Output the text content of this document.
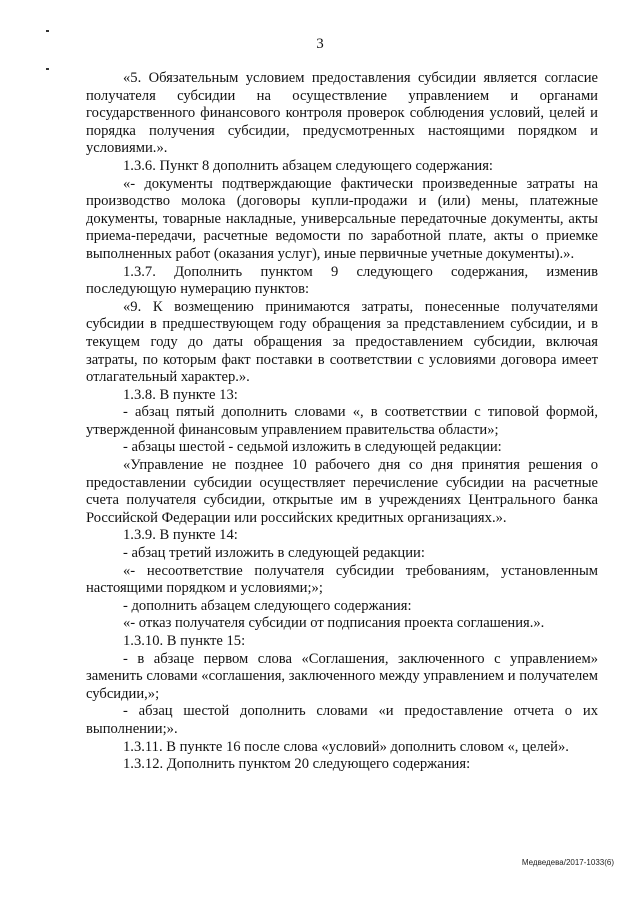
3

«5. Обязательным условием предоставления субсидии является согласие получателя субсидии на осуществление управлением и органами государственного финансового контроля проверок соблюдения условий, целей и порядка получения субсидии, предусмотренных настоящими порядком и условиями.».

1.3.6. Пункт 8 дополнить абзацем следующего содержания:

«- документы подтверждающие фактически произведенные затраты на производство молока (договоры купли-продажи и (или) мены, платежные документы, товарные накладные, универсальные передаточные документы, акты приема-передачи, расчетные ведомости по заработной плате, акты о приемке выполненных работ (оказания услуг), иные первичные учетные документы).».

1.3.7. Дополнить пунктом 9 следующего содержания, изменив последующую нумерацию пунктов:

«9. К возмещению принимаются затраты, понесенные получателями субсидии в предшествующем году обращения за представлением субсидии, и в текущем году до даты обращения за предоставлением субсидии, включая затраты, по которым факт поставки в соответствии с условиями договора имеет отлагательный характер.».

1.3.8. В пункте 13:

- абзац пятый дополнить словами «, в соответствии с типовой формой, утвержденной финансовым управлением правительства области»;

- абзацы шестой - седьмой изложить в следующей редакции:

«Управление не позднее 10 рабочего дня со дня принятия решения о предоставлении субсидии осуществляет перечисление субсидии на расчетные счета получателя субсидии, открытые им в учреждениях Центрального банка Российской Федерации или российских кредитных организациях.».

1.3.9. В пункте 14:

- абзац третий изложить в следующей редакции:

«- несоответствие получателя субсидии требованиям, установленным настоящими порядком и условиями;»;

- дополнить абзацем следующего содержания:

«- отказ получателя субсидии от подписания проекта соглашения.».

1.3.10. В пункте 15:

- в абзаце первом слова «Соглашения, заключенного с управлением» заменить словами «соглашения, заключенного между управлением и получателем субсидии,»;

- абзац шестой дополнить словами «и предоставление отчета о их выполнении;».

1.3.11. В пункте 16 после слова «условий» дополнить словом «, целей».

1.3.12. Дополнить пунктом 20 следующего содержания:

Медведева/2017-1033(6)
